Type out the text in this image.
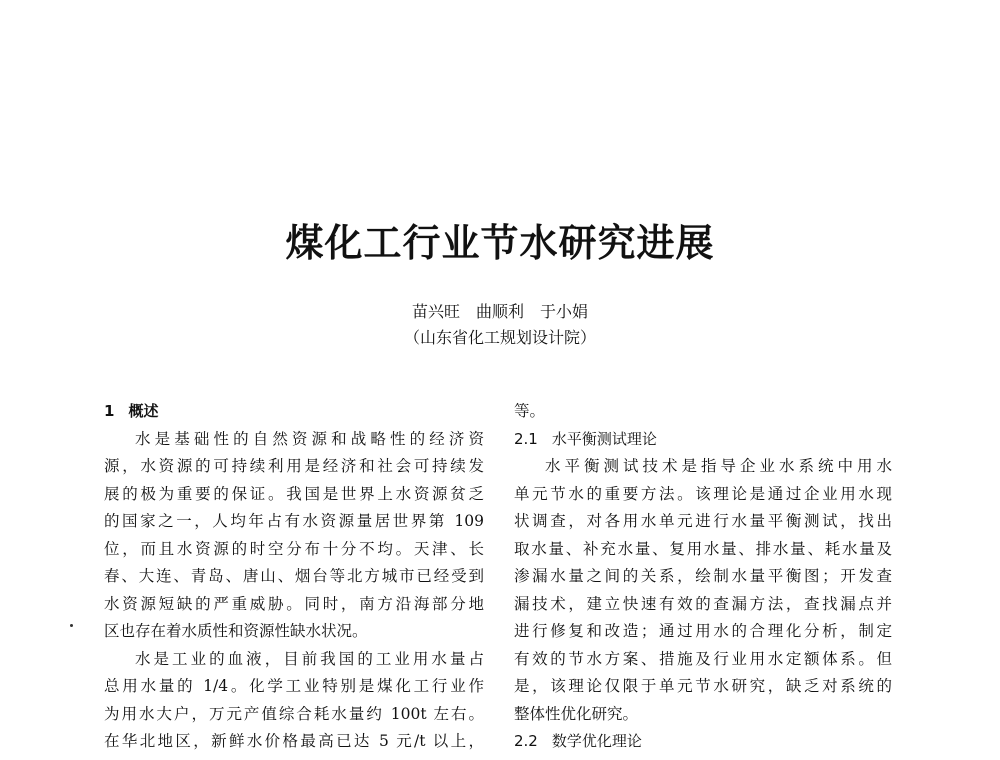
煤化工行业节水研究进展
苗兴旺 曲顺利 于小娟
（山东省化工规划设计院）
1 概述
水是基础性的自然资源和战略性的经济资
源，水资源的可持续利用是经济和社会可持续发
展的极为重要的保证。我国是世界上水资源贫乏
的国家之一，人均年占有水资源量居世界第 109
位，而且水资源的时空分布十分不均。天津、长
春、大连、青岛、唐山、烟台等北方城市已经受到
水资源短缺的严重威胁。同时，南方沿海部分地
区也存在着水质性和资源性缺水状况。
水是工业的血液，目前我国的工业用水量占
总用水量的 1/4。化学工业特别是煤化工行业作
为用水大户，万元产值综合耗水量约 100t 左右。
在华北地区，新鲜水价格最高已达 5 元/t 以上，
等。
2.1 水平衡测试理论
水平衡测试技术是指导企业水系统中用水
单元节水的重要方法。该理论是通过企业用水现
状调查，对各用水单元进行水量平衡测试，找出
取水量、补充水量、复用水量、排水量、耗水量及
渗漏水量之间的关系，绘制水量平衡图；开发查
漏技术，建立快速有效的查漏方法，查找漏点并
进行修复和改造；通过用水的合理化分析，制定
有效的节水方案、措施及行业用水定额体系。但
是，该理论仅限于单元节水研究，缺乏对系统的
整体性优化研究。
2.2 数学优化理论
